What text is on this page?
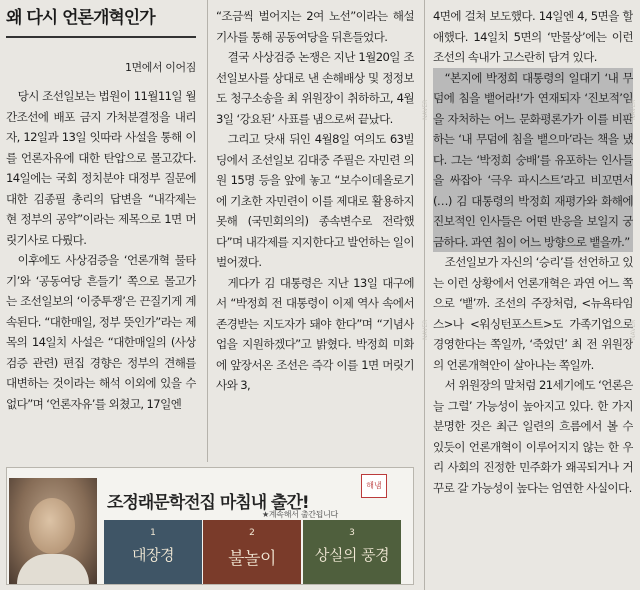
왜 다시 언론개혁인가
1면에서 이어짐

당시 조선일보는 법원이 11월11일 월간조선에 배포 금지 가처분결정을 내리자, 12일과 13일 잇따라 사설을 통해 이를 언론자유에 대한 탄압으로 몰고갔다. 14일에는 국회 정치분야 대정부 질문에 대한 김종필 총리의 답변을 “내각제는 현 정부의 공약”이라는 제목으로 1면 머릿기사로 다뤘다.

이후에도 사상검증을 ‘언론개혁 물타기’와 ‘공동여당 흔들기’ 쪽으로 몰고가는 조선일보의 ‘이중투쟁’은 끈질기게 계속된다. “대한매일, 정부 뜻인가”라는 제목의 14일치 사설은 “대한매일의 (사상검증 관련) 편집 경향은 정부의 견해를 대변하는 것이라는 해석 이외에 있을 수 없다”며 ‘언론자유’를 외쳤고, 17일엔

“조금씩 벌어지는 2여 노선”이라는 해설기사를 통해 공동여당을 뒤흔들었다.

결국 사상검증 논쟁은 지난 1월20일 조선일보사를 상대로 낸 손해배상 및 정정보도 청구소송을 최 위원장이 취하하고, 4월3일 ‘강요된’ 사표를 냄으로써 끝났다.

그리고 닷새 뒤인 4월8일 여의도 63빌딩에서 조선일보 김대중 주필은 자민련 의원 15명 등을 앞에 놓고 “보수이데올로기에 기초한 자민련이 이를 제대로 활용하지 못해 (국민회의의) 종속변수로 전락했다”며 내각제를 지지한다고 발언하는 일이 벌어졌다.

게다가 김 대통령은 지난 13일 대구에서 “박정희 전 대통령이 이제 역사 속에서 존경받는 지도자가 돼야 한다”며 “기념사업을 지원하겠다”고 밝혔다. 박정희 미화에 앞장서온 조선은 즉각 이를 1면 머릿기사와 3,

4면에 걸쳐 보도했다. 14일엔 4, 5면을 할애했다. 14일치 5면의 ‘만물상’에는 이런 조선의 속내가 고스란히 담겨 있다.

“본지에 박정희 대통령의 일대기 ‘내 무덤에 침을 뱉어라!’가 연재되자 ‘진보적’임을 자처하는 어느 문화평론가가 이를 비판하는 ‘내 무덤에 침을 뱉으마’라는 책을 냈다. 그는 ‘박정희 숭배’를 유포하는 인사들을 싸잡아 ‘극우 파시스트’라고 비꼬면서 (…) 김 대통령의 박정희 재평가와 화해에 진보적인 인사들은 어떤 반응을 보일지 궁금하다. 과연 침이 어느 방향으로 뱉을까.”

조선일보가 자신의 ‘승리’를 선언하고 있는 이런 상황에서 언론개혁은 과연 어느 쪽으로 ‘뱉’까. 조선의 주장처럼, <뉴욕타임스>나 <워싱턴포스트>도 가족기업으로 경영한다는 쪽일까, ‘죽었던’ 최 전 위원장의 언론개혁안이 살아나는 쪽일까.

서 위원장의 말처럼 21세기에도 ‘언론은 늘 그럴’ 가능성이 높아지고 있다. 한 가지 분명한 것은 최근 일련의 흐름에서 볼 수 있듯이 언론개혁이 이루어지지 않는 한 우리 사회의 진정한 민주화가 왜곡되거나 거꾸로 갈 가능성이 높다는 엄연한 사실이다.

NAVER
NAVER
NAVER
NAVER
해냄
조정래문학전집 마침내 출간!
★계속해서 출간됩니다
1
대장경
2
불놀이
3
상실의 풍경
